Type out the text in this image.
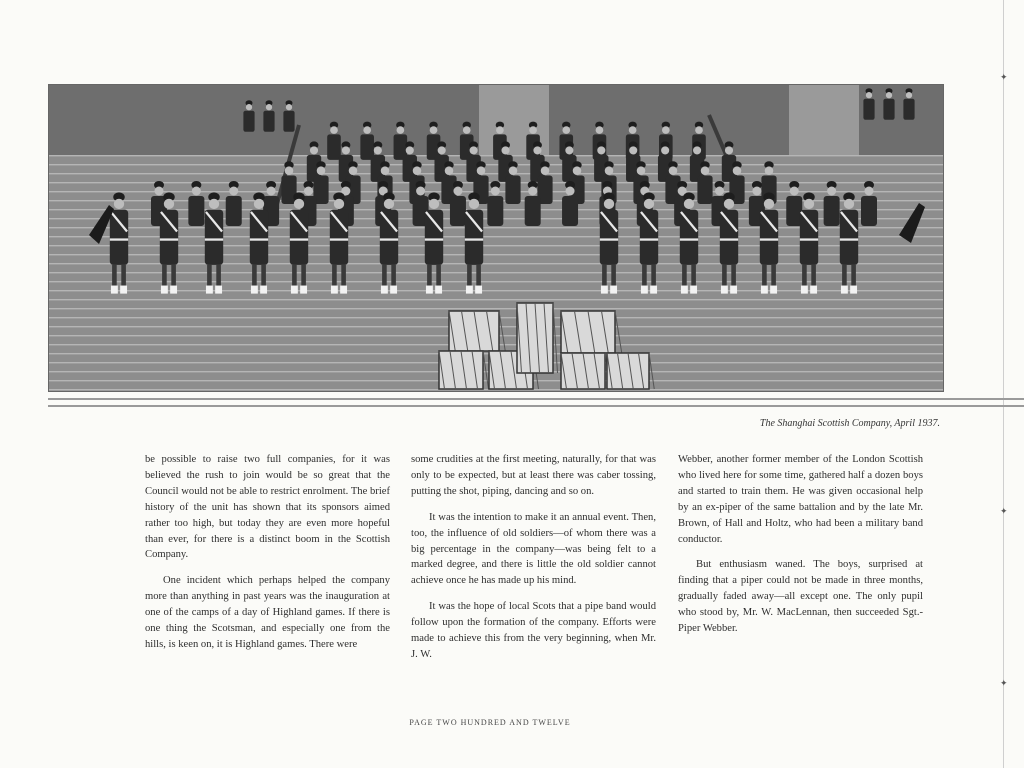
✦
✦
✦
The Shanghai Scottish Company, April 1937.

be possible to raise two full companies, for it was believed the rush to join would be so great that the Council would not be able to restrict enrolment. The brief history of the unit has shown that its sponsors aimed rather too high, but today they are even more hopeful than ever, for there is a distinct boom in the Scottish Company.

One incident which perhaps helped the company more than anything in past years was the inauguration at one of the camps of a day of Highland games. If there is one thing the Scotsman, and especially one from the hills, is keen on, it is Highland games. There were

some crudities at the first meeting, naturally, for that was only to be expected, but at least there was caber tossing, putting the shot, piping, dancing and so on.

It was the intention to make it an annual event. Then, too, the influence of old soldiers—of whom there was a big percentage in the company—was being felt to a marked degree, and there is little the old soldier cannot achieve once he has made up his mind.

It was the hope of local Scots that a pipe band would follow upon the formation of the company. Efforts were made to achieve this from the very beginning, when Mr. J. W.

Webber, another former member of the London Scottish who lived here for some time, gathered half a dozen boys and started to train them. He was given occasional help by an ex-piper of the same battalion and by the late Mr. Brown, of Hall and Holtz, who had been a military band conductor.

But enthusiasm waned. The boys, surprised at finding that a piper could not be made in three months, gradually faded away—all except one. The only pupil who stood by, Mr. W. MacLennan, then succeeded Sgt.-Piper Webber.

PAGE TWO HUNDRED AND TWELVE
